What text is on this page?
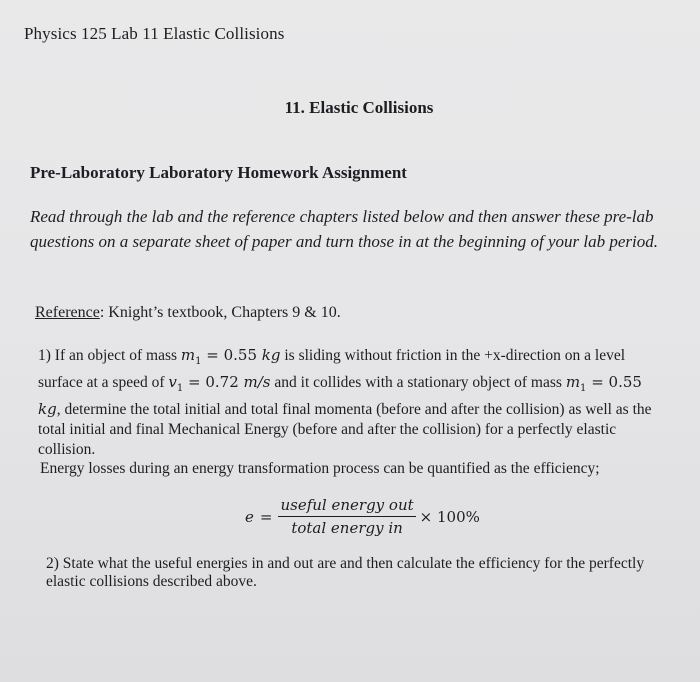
Physics 125 Lab 11 Elastic Collisions
11. Elastic Collisions
Pre-Laboratory Laboratory Homework Assignment
Read through the lab and the reference chapters listed below and then answer these pre-lab questions on a separate sheet of paper and turn those in at the beginning of your lab period.
Reference: Knight’s textbook, Chapters 9 & 10.
1) If an object of mass $m_1 = 0.55$ kg is sliding without friction in the +x-direction on a level surface at a speed of $v_1 = 0.72$ m/s and it collides with a stationary object of mass $m_1 = 0.55$ kg, determine the total initial and total final momenta (before and after the collision) as well as the total initial and final Mechanical Energy (before and after the collision) for a perfectly elastic collision.
Energy losses during an energy transformation process can be quantified as the efficiency;
$e = \frac{\text{useful energy out}}{\text{total energy in}} \times 100\%$
2) State what the useful energies in and out are and then calculate the efficiency for the perfectly elastic collisions described above.
